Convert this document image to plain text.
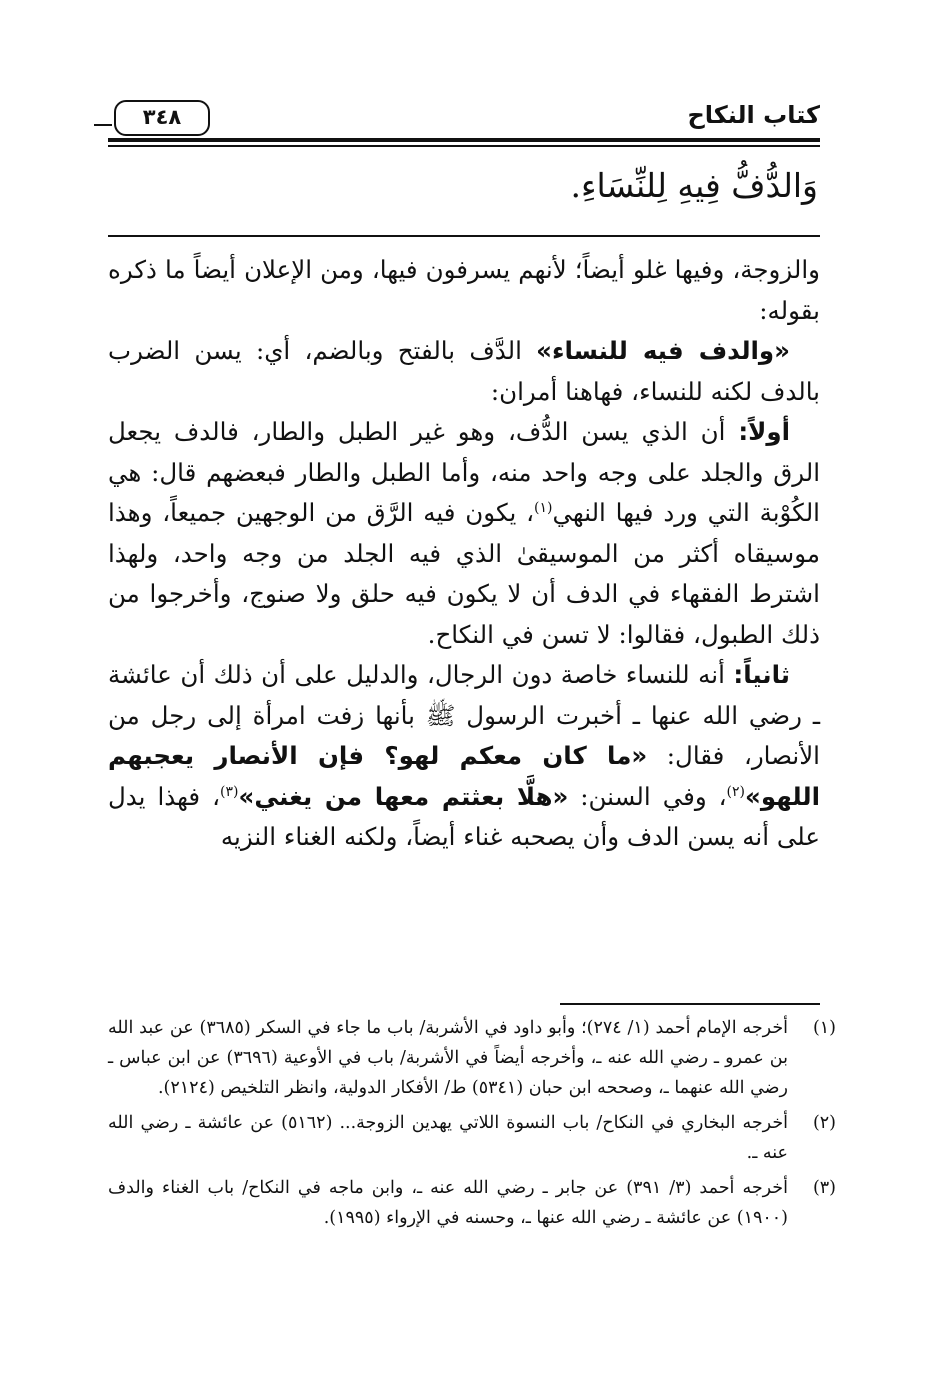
كتاب النكاح
٣٤٨
وَالدُّفُّ فِيهِ لِلنِّسَاءِ.

والزوجة، وفيها غلو أيضاً؛ لأنهم يسرفون فيها، ومن الإعلان أيضاً ما ذكره بقوله:

«والدف فيه للنساء» الدَّف بالفتح وبالضم، أي: يسن الضرب بالدف لكنه للنساء، فهاهنا أمران:

أولاً: أن الذي يسن الدُّف، وهو غير الطبل والطار، فالدف يجعل الرق والجلد على وجه واحد منه، وأما الطبل والطار فبعضهم قال: هي الكُوْبة التي ورد فيها النهي$^{(١)}$، يكون فيه الرَّق من الوجهين جميعاً، وهذا موسيقاه أكثر من الموسيقىٰ الذي فيه الجلد من وجه واحد، ولهذا اشترط الفقهاء في الدف أن لا يكون فيه حلق ولا صنوج، وأخرجوا من ذلك الطبول، فقالوا: لا تسن في النكاح.

ثانياً: أنه للنساء خاصة دون الرجال، والدليل على أن ذلك أن عائشة ـ رضي الله عنها ـ أخبرت الرسول ﷺ بأنها زفت امرأة إلى رجل من الأنصار، فقال: «ما كان معكم لهو؟ فإن الأنصار يعجبهم اللهو»$^{(٢)}$، وفي السنن: «هلَّا بعثتم معها من يغني»$^{(٣)}$، فهذا يدل على أنه يسن الدف وأن يصحبه غناء أيضاً، ولكنه الغناء النزيه

(١)
أخرجه الإمام أحمد (١/ ٢٧٤)؛ وأبو داود في الأشربة/ باب ما جاء في السكر (٣٦٨٥) عن عبد الله بن عمرو ـ رضي الله عنه ـ، وأخرجه أيضاً في الأشربة/ باب في الأوعية (٣٦٩٦) عن ابن عباس ـ رضي الله عنهما ـ، وصححه ابن حبان (٥٣٤١) ط/ الأفكار الدولية، وانظر التلخيص (٢١٢٤).
(٢)
أخرجه البخاري في النكاح/ باب النسوة اللاتي يهدين الزوجة... (٥١٦٢) عن عائشة ـ رضي الله عنه ـ.
(٣)
أخرجه أحمد (٣/ ٣٩١) عن جابر ـ رضي الله عنه ـ، وابن ماجه في النكاح/ باب الغناء والدف (١٩٠٠) عن عائشة ـ رضي الله عنها ـ، وحسنه في الإرواء (١٩٩٥).
